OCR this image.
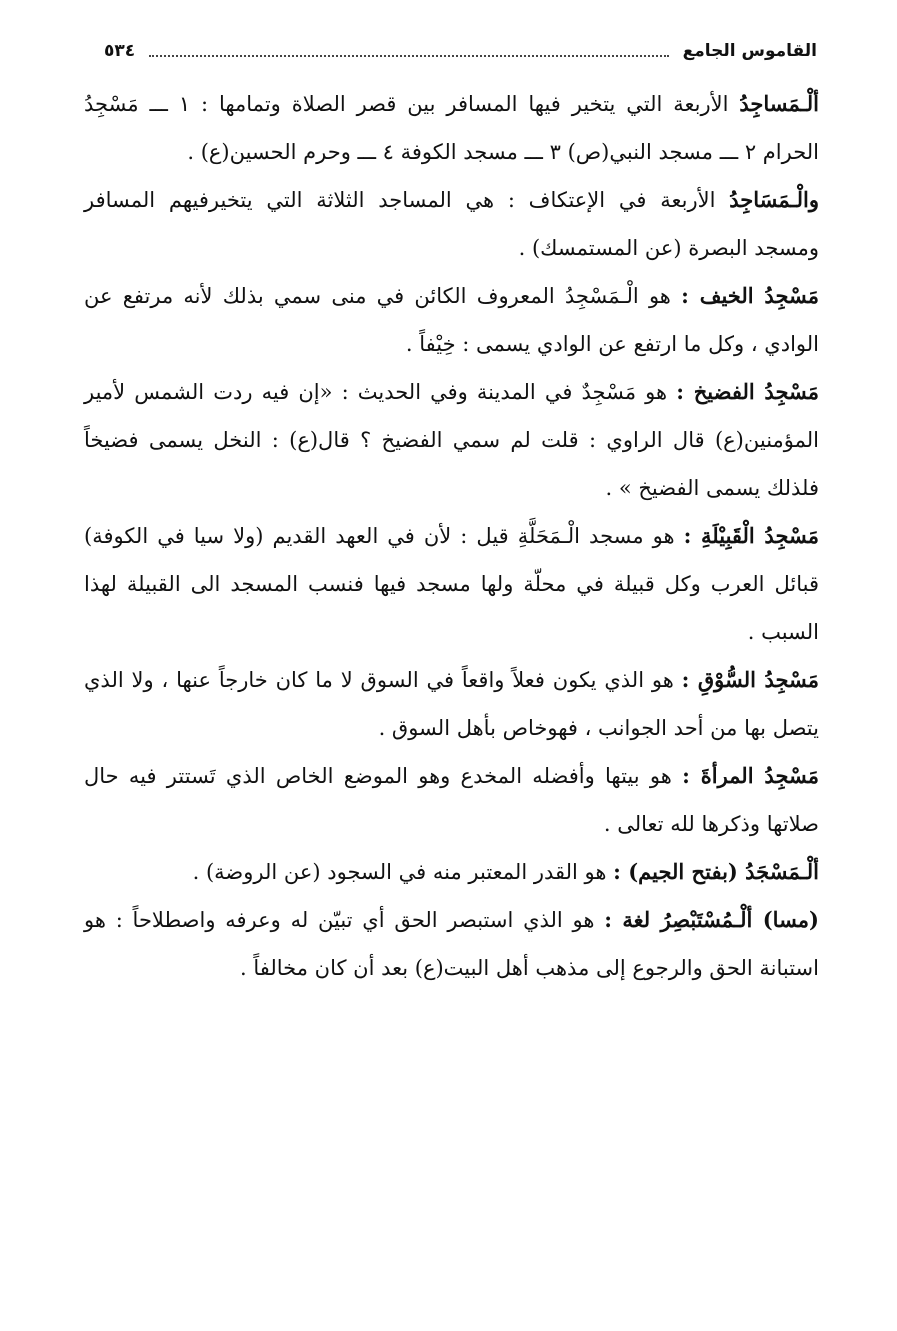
القاموس الجامع
٥٣٤

ألْـمَساجِدُ الأربعة التي يتخير فيها المسافر بين قصر الصلاة وتمامها : ١ ـــ مَسْجِدُ الحرام ٢ ـــ مسجد النبي(ص) ٣ ـــ مسجد الكوفة ٤ ـــ وحرم الحسين(ع) .

والْـمَسَاجِدُ الأربعة في الإعتكاف : هي المساجد الثلاثة التي يتخيرفيهم المسافر ومسجد البصرة (عن المستمسك) .

مَسْجِدُ الخيف : هو الْـمَسْجِدُ المعروف الكائن في منى سمي بذلك لأنه مرتفع عن الوادي ، وكل ما ارتفع عن الوادي يسمى : خِيْفاً .

مَسْجِدُ الفضيخ : هو مَسْجِدٌ في المدينة وفي الحديث : «إن فيه ردت الشمس لأمير المؤمنين(ع) قال الراوي : قلت لم سمي الفضيخ ؟ قال(ع) : النخل يسمى فضيخاً فلذلك يسمى الفضيخ » .

مَسْجِدُ الْقَبِيْلَةِ : هو مسجد الْـمَحَلَّةِ قيل : لأن في العهد القديم (ولا سيا في الكوفة) قبائل العرب وكل قبيلة في محلّة ولها مسجد فيها فنسب المسجد الى القبيلة لهذا السبب .

مَسْجِدُ السُّوْقِ : هو الذي يكون فعلاً واقعاً في السوق لا ما كان خارجاً عنها ، ولا الذي يتصل بها من أحد الجوانب ، فهوخاص بأهل السوق .

مَسْجِدُ المرأةَ : هو بيتها وأفضله المخدع وهو الموضع الخاص الذي تَستتر فيه حال صلاتها وذكرها لله تعالى .

ألْـمَسْجَدُ (بفتح الجيم) : هو القدر المعتبر منه في السجود (عن الروضة) .

(مسا) ألْـمُسْتَبْصِرُ لغة : هو الذي استبصر الحق أي تبيّن له وعرفه واصطلاحاً : هو استبانة الحق والرجوع إلى مذهب أهل البيت(ع) بعد أن كان مخالفاً .
